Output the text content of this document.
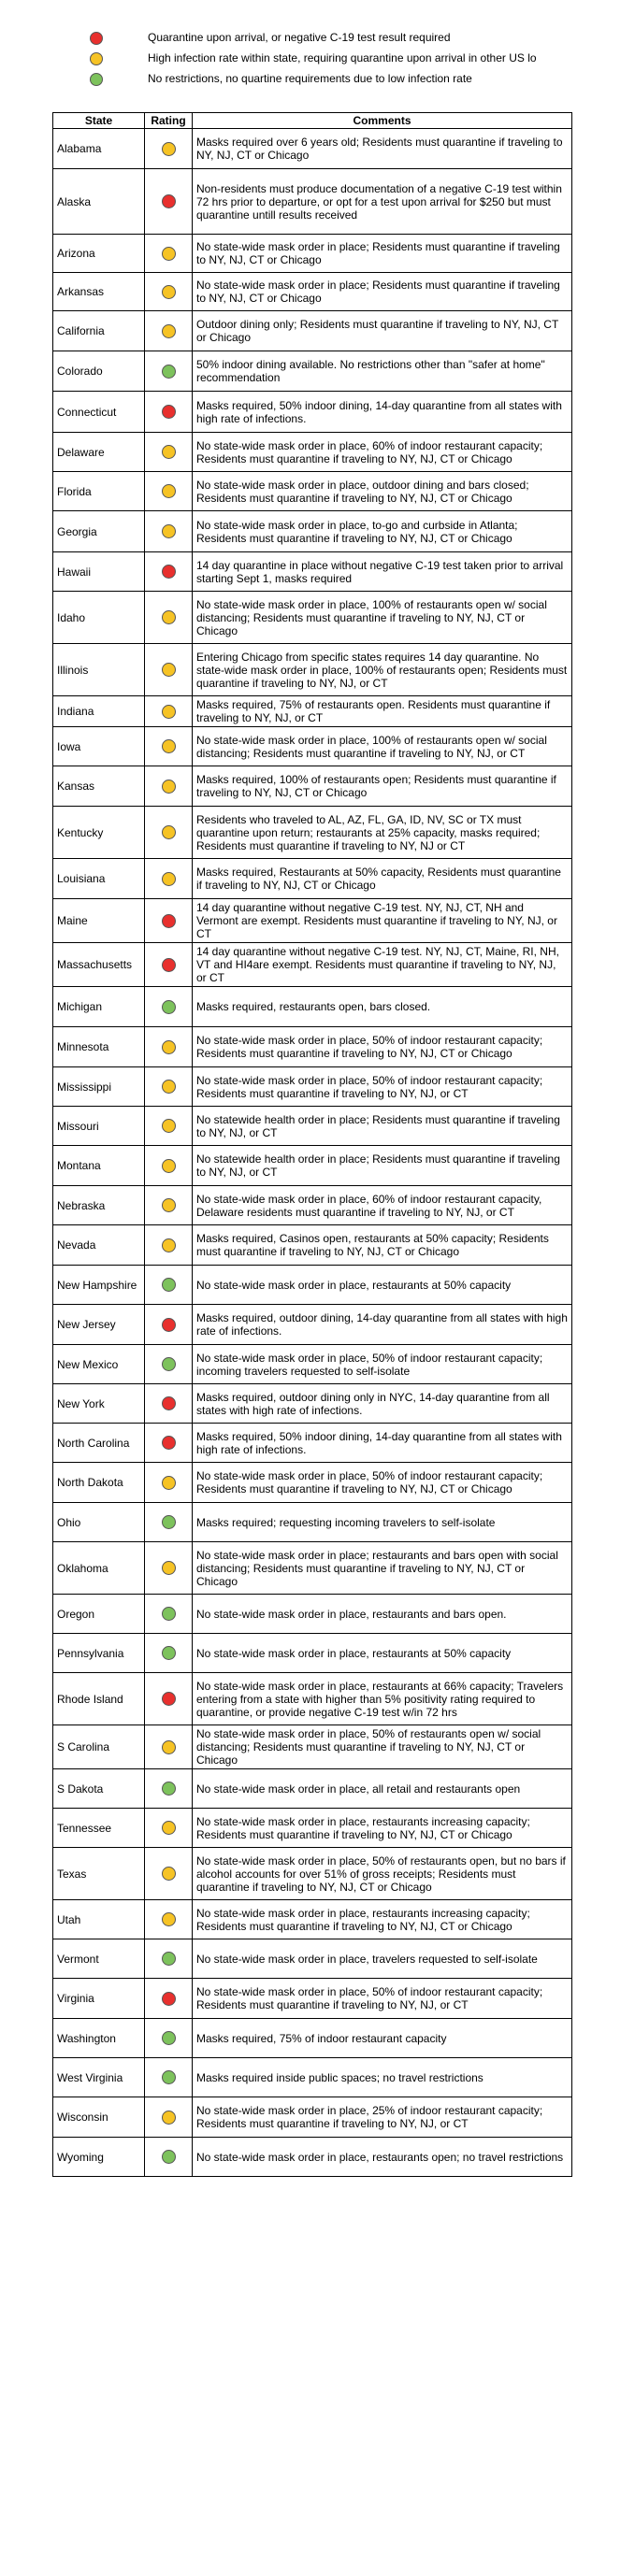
Quarantine upon arrival, or negative C-19 test result required
High infection rate within state, requiring quarantine upon arrival in other US lo
No restrictions, no quartine requirements due to low infection rate
State	Rating	Comments
Alabama		Masks required over 6 years old; Residents must quarantine if traveling to NY, NJ, CT or Chicago
Alaska		Non-residents must produce documentation of a negative C-19 test within 72 hrs prior to departure, or opt for a test upon arrival for $250 but must quarantine untill results received
Arizona		No state-wide mask order in place; Residents must quarantine if traveling to NY, NJ, CT or Chicago
Arkansas		No state-wide mask order in place; Residents must quarantine if traveling to NY, NJ, CT or Chicago
California		Outdoor dining only; Residents must quarantine if traveling to NY, NJ, CT or Chicago
Colorado		50% indoor dining available. No restrictions other than "safer at home" recommendation
Connecticut		Masks required, 50% indoor dining, 14-day quarantine from all states with high rate of infections.
Delaware		No state-wide mask order in place, 60% of indoor restaurant capacity; Residents must quarantine if traveling to NY, NJ, CT or Chicago
Florida		No state-wide mask order in place, outdoor dining and bars closed; Residents must quarantine if traveling to NY, NJ, CT or Chicago
Georgia		No state-wide mask order in place, to-go and curbside in Atlanta; Residents must quarantine if traveling to NY, NJ, CT or Chicago
Hawaii		14 day quarantine in place without negative C-19 test taken prior to arrival starting Sept 1, masks required
Idaho		No state-wide mask order in place, 100% of restaurants open w/ social distancing; Residents must quarantine if traveling to NY, NJ, CT or Chicago
Illinois		Entering Chicago from specific states requires 14 day quarantine. No state-wide mask order in place, 100% of restaurants open; Residents must quarantine if traveling to NY, NJ, or CT
Indiana		Masks required, 75% of restaurants open. Residents must quarantine if traveling to NY, NJ, or CT
Iowa		No state-wide mask order in place, 100% of restaurants open w/ social distancing; Residents must quarantine if traveling to NY, NJ, or CT
Kansas		Masks required, 100% of restaurants open; Residents must quarantine if traveling to NY, NJ, CT or Chicago
Kentucky		Residents who traveled to AL, AZ, FL, GA, ID, NV, SC or TX must quarantine upon return; restaurants at 25% capacity, masks required; Residents must quarantine if traveling to NY, NJ or CT
Louisiana		Masks required, Restaurants at 50% capacity, Residents must quarantine if traveling to NY, NJ, CT or Chicago
Maine		14 day quarantine without negative C-19 test. NY, NJ, CT, NH and Vermont are exempt. Residents must quarantine if traveling to NY, NJ, or CT
Massachusetts		14 day quarantine without negative C-19 test. NY, NJ, CT, Maine, RI, NH, VT and HI4are exempt. Residents must quarantine if traveling to NY, NJ, or CT
Michigan		Masks required, restaurants open, bars closed.
Minnesota		No state-wide mask order in place, 50% of indoor restaurant capacity; Residents must quarantine if traveling to NY, NJ, CT or Chicago
Mississippi		No state-wide mask order in place, 50% of indoor restaurant capacity; Residents must quarantine if traveling to NY, NJ, or CT
Missouri		No statewide health order in place; Residents must quarantine if traveling to NY, NJ, or CT
Montana		No statewide health order in place; Residents must quarantine if traveling to NY, NJ, or CT
Nebraska		No state-wide mask order in place, 60% of indoor restaurant capacity, Delaware residents must quarantine if traveling to NY, NJ, or CT
Nevada		Masks required, Casinos open, restaurants at 50% capacity; Residents must quarantine if traveling to NY, NJ, CT or Chicago
New Hampshire		No state-wide mask order in place, restaurants at 50% capacity
New Jersey		Masks required, outdoor dining, 14-day quarantine from all states with high rate of infections.
New Mexico		No state-wide mask order in place, 50% of indoor restaurant capacity; incoming travelers requested to self-isolate
New York		Masks required, outdoor dining only in NYC, 14-day quarantine from all states with high rate of infections.
North Carolina		Masks required, 50% indoor dining, 14-day quarantine from all states with high rate of infections.
North Dakota		No state-wide mask order in place, 50% of indoor restaurant capacity; Residents must quarantine if traveling to NY, NJ, CT or Chicago
Ohio		Masks required; requesting incoming travelers to self-isolate
Oklahoma		No state-wide mask order in place; restaurants and bars open with social distancing; Residents must quarantine if traveling to NY, NJ, CT or Chicago
Oregon		No state-wide mask order in place, restaurants and bars open.
Pennsylvania		No state-wide mask order in place, restaurants at 50% capacity
Rhode Island		No state-wide mask order in place, restaurants at 66% capacity; Travelers entering from a state with higher than 5% positivity rating required to quarantine, or provide negative C-19 test w/in 72 hrs
S Carolina		No state-wide mask order in place, 50% of restaurants open w/ social distancing; Residents must quarantine if traveling to NY, NJ, CT or Chicago
S Dakota		No state-wide mask order in place, all retail and restaurants open
Tennessee		No state-wide mask order in place, restaurants increasing capacity; Residents must quarantine if traveling to NY, NJ, CT or Chicago
Texas		No state-wide mask order in place, 50% of restaurants open, but no bars if alcohol accounts for over 51% of gross receipts; Residents must quarantine if traveling to NY, NJ, CT or Chicago
Utah		No state-wide mask order in place, restaurants increasing capacity; Residents must quarantine if traveling to NY, NJ, CT or Chicago
Vermont		No state-wide mask order in place, travelers requested to self-isolate
Virginia		No state-wide mask order in place, 50% of indoor restaurant capacity; Residents must quarantine if traveling to NY, NJ, or CT
Washington		Masks required, 75% of indoor restaurant capacity
West Virginia		Masks required inside public spaces; no travel restrictions
Wisconsin		No state-wide mask order in place, 25% of indoor restaurant capacity; Residents must quarantine if traveling to NY, NJ, or CT
Wyoming		No state-wide mask order in place, restaurants open; no travel restrictions
